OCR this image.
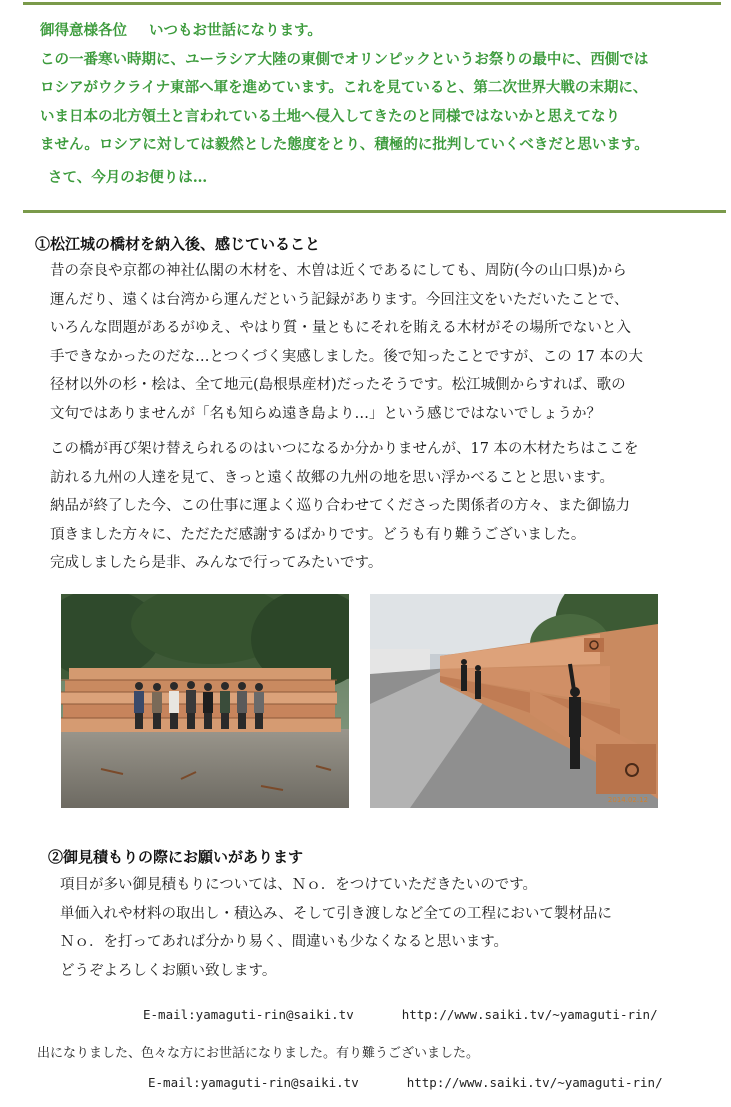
御得意様各位 いつもお世話になります。

この一番寒い時期に、ユーラシア大陸の東側でオリンピックというお祭りの最中に、西側では

ロシアがウクライナ東部へ軍を進めています。これを見ていると、第二次世界大戦の末期に、

いま日本の北方領土と言われている土地へ侵入してきたのと同様ではないかと思えてなり

ません。ロシアに対しては毅然とした態度をとり、積極的に批判していくべきだと思います。

さて、今月のお便りは…

①松江城の橋材を納入後、感じていること

昔の奈良や京都の神社仏閣の木材を、木曽は近くであるにしても、周防(今の山口県)から

運んだり、遠くは台湾から運んだという記録があります。今回注文をいただいたことで、

いろんな問題があるがゆえ、やはり質・量ともにそれを賄える木材がその場所でないと入

手できなかったのだな…とつくづく実感しました。後で知ったことですが、この 17 本の大

径材以外の杉・桧は、全て地元(島根県産材)だったそうです。松江城側からすれば、歌の

文句ではありませんが「名も知らぬ遠き島より…」という感じではないでしょうか？

この橋が再び架け替えられるのはいつになるか分かりませんが、17 本の木材たちはここを

訪れる九州の人達を見て、きっと遠く故郷の九州の地を思い浮かべることと思います。

納品が終了した今、この仕事に運よく巡り合わせてくださった関係者の方々、また御協力

頂きました方々に、ただただ感謝するばかりです。どうも有り難うございました。

完成しましたら是非、みんなで行ってみたいです。

2014.02.12
②御見積もりの際にお願いがあります

項目が多い御見積もりについては、Ｎｏ．をつけていただきたいのです。

単価入れや材料の取出し・積込み、そして引き渡しなど全ての工程において製材品に

Ｎｏ．を打ってあれば分かり易く、間違いも少なくなると思います。

どうぞよろしくお願い致します。

E-mail:yamaguti-rin@saiki.tv	http://www.saiki.tv/~yamaguti-rin/
出になりました、色々な方にお世話になりました。有り難うございました。
E-mail:yamaguti-rin@saiki.tv	http://www.saiki.tv/~yamaguti-rin/
